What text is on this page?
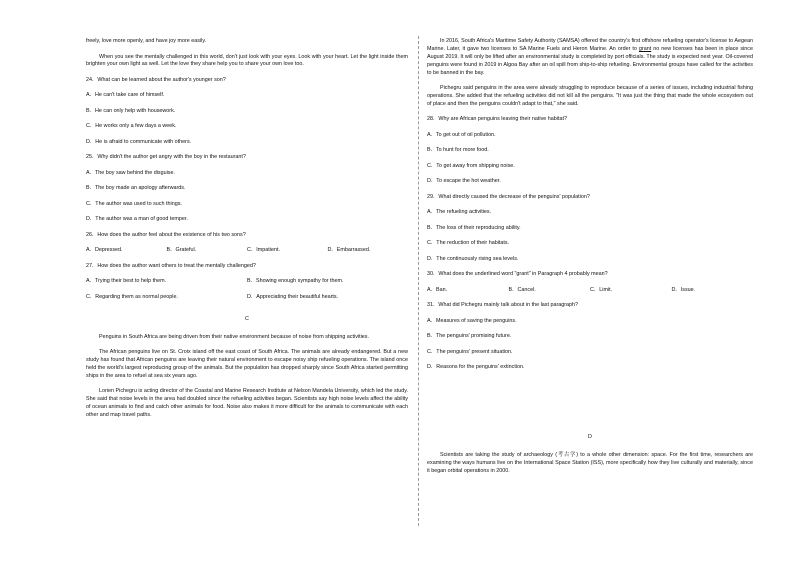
freely, love more openly, and have joy more easily.

When you see the mentally challenged in this world, don't just look with your eyes. Look with your heart. Let the light inside them brighten your own light as well. Let the love they share help you to share your own love too.

24．What can be learned about the author's younger son?
A．He can't take care of himself.
B．He can only help with housework.
C．He works only a few days a week.
D．He is afraid to communicate with others.
25．Why didn't the author get angry with the boy in the restaurant?
A．The boy saw behind the disguise.
B．The boy made an apology afterwards.
C．The author was used to such things.
D．The author was a man of good temper.
26．How does the author feel about the existence of his two sons?
A．Depressed.	B．Grateful.	C．Impatient.	D．Embarrassed.
27．How does the author want others to treat the mentally challenged?
A．Trying their best to help them.	B．Showing enough sympathy for them.
C．Regarding them as normal people.	D．Appreciating their beautiful hearts.
C

Penguins in South Africa are being driven from their native environment because of noise from shipping activities.

The African penguins live on St. Croix island off the east coast of South Africa. The animals are already endangered. But a new study has found that African penguins are leaving their natural environment to escape noisy ship refueling operations. The island once held the world's largest reproducing group of the animals. But the population has dropped sharply since South Africa started permitting ships in the area to refuel at sea six years ago.

Lorien Pichegru is acting director of the Coastal and Marine Research Institute at Nelson Mandela University, which led the study. She said that noise levels in the area had doubled since the refueling activities began. Scientists say high noise levels affect the ability of ocean animals to find and catch other animals for food. Noise also makes it more difficult for the animals to communicate with each other and map travel paths.

In 2016, South Africa's Maritime Safety Authority (SAMSA) offered the country's first offshore refueling operator's license to Aegean Marine. Later, it gave two licenses to SA Marine Fuels and Heron Marine. An order to grant no new licenses has been in place since August 2019. It will only be lifted after an environmental study is completed by port officials. The study is expected next year. Oil-covered penguins were found in 2019 in Algoa Bay after an oil spill from ship-to-ship refueling. Environmental groups have called for the activities to be banned in the bay.

Pichegru said penguins in the area were already struggling to reproduce because of a series of issues, including industrial fishing operations. She added that the refueling activities did not kill all the penguins. "It was just the thing that made the whole ecosystem out of place and then the penguins couldn't adapt to that," she said.

28．Why are African penguins leaving their native habitat?
A．To get out of oil pollution.
B．To hunt for more food.
C．To get away from shipping noise.
D．To escape the hot weather.
29．What directly caused the decrease of the penguins' population?
A．The refueling activities.
B．The loss of their reproducing ability.
C．The reduction of their habitats.
D．The continuously rising sea levels.
30．What does the underlined word "grant" in Paragraph 4 probably mean?
A．Ban.	B．Cancel.	C．Limit.	D．Issue.
31．What did Pichegru mainly talk about in the last paragraph?
A．Measures of saving the penguins.
B．The penguins' promising future.
C．The penguins' present situation.
D．Reasons for the penguins' extinction.
D

Scientists are taking the study of archaeology (考古学) to a whole other dimension: space. For the first time, researchers are examining the ways humans live on the International Space Station (ISS), more specifically how they live culturally and materially, since it began orbital operations in 2000.
